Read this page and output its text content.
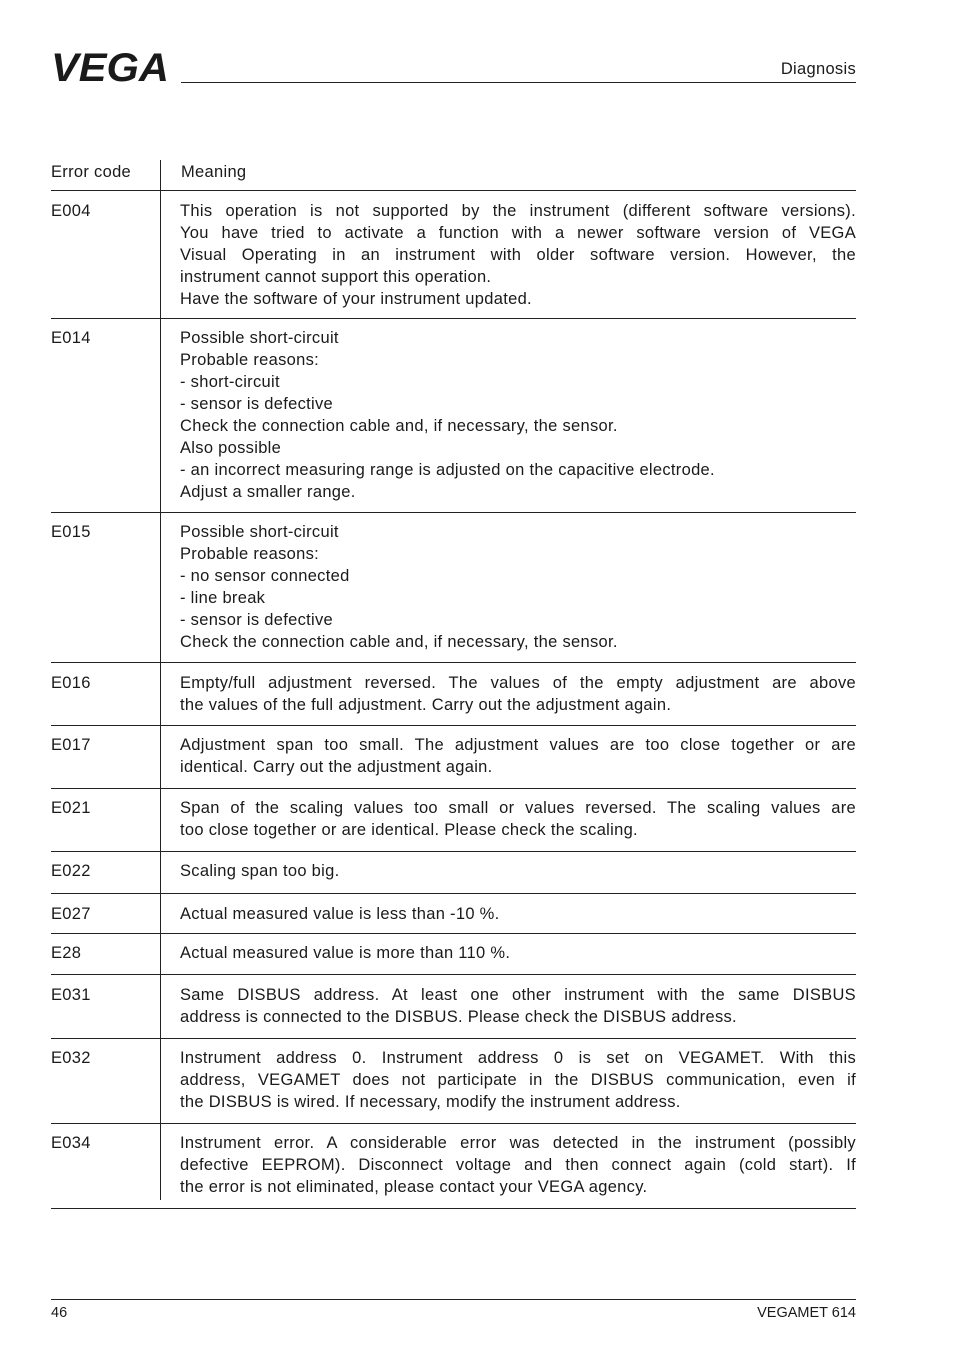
VEGA	Diagnosis
Error code	Meaning
E004	This operation is not supported by the instrument (different software versions).
You have tried to activate a function with a newer software version of VEGA
Visual Operating in an instrument with older software version. However, the
instrument cannot support this operation.
Have the software of your instrument updated.
E014	Possible short-circuit
Probable reasons:
- short-circuit
- sensor is defective
Check the connection cable and, if necessary, the sensor.
Also possible
- an incorrect measuring range is adjusted on the capacitive electrode.
Adjust a smaller range.
E015	Possible short-circuit
Probable reasons:
- no sensor connected
- line break
- sensor is defective
Check the connection cable and, if necessary, the sensor.
E016	Empty/full adjustment reversed. The values of the empty adjustment are above
the values of the full adjustment. Carry out the adjustment again.
E017	Adjustment span too small. The adjustment values are too close together or are
identical. Carry out the adjustment again.
E021	Span of the scaling values too small or values reversed. The scaling values are
too close together or are identical. Please check the scaling.
E022	Scaling span too big.
E027	Actual measured value is less than -10 %.
E28	Actual measured value is more than 110 %.
E031	Same DISBUS address. At least one other instrument with the same DISBUS
address is connected to the DISBUS. Please check the DISBUS address.
E032	Instrument address 0. Instrument address 0 is set on VEGAMET. With this
address, VEGAMET does not participate in the DISBUS communication, even if
the DISBUS is wired. If necessary, modify the instrument address.
E034	Instrument error. A considerable error was detected in the instrument (possibly
defective EEPROM). Disconnect voltage and then connect again (cold start). If
the error is not eliminated, please contact your VEGA agency.
46	VEGAMET 614
